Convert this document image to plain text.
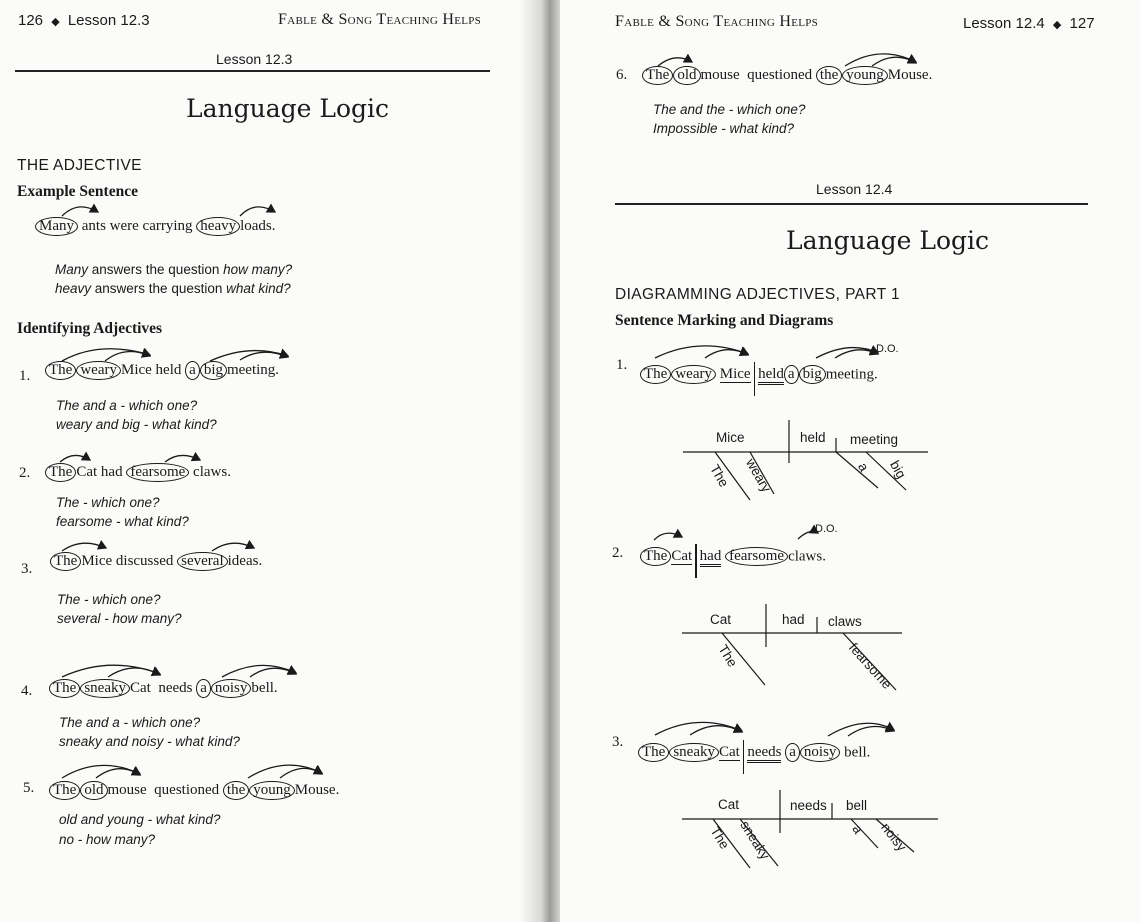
126 ◆ Lesson 12.3	Fable & Song Teaching Helps
Lesson 12.3
Language Logic
THE ADJECTIVE
Example Sentence
Many ants were carrying heavy loads.
Many answers the question how many?
heavy answers the question what kind?
Identifying Adjectives
1. The weary Mice held a big meeting.
The and a - which one?
weary and big - what kind?
2. The Cat had fearsome claws.
The - which one?
fearsome - what kind?
3. The Mice discussed several ideas.
The - which one?
several - how many?
4. The sneaky Cat  needs a noisy bell.
The and a - which one?
sneaky and noisy - what kind?
5. The old mouse  questioned the young Mouse.
old and young - what kind?
no - how many?
Fable & Song Teaching Helps	Lesson 12.4 ◆ 127
6. The old mouse  questioned the young Mouse.
The and the - which one?
Impossible - what kind?
Lesson 12.4
Language Logic
DIAGRAMMING ADJECTIVES, PART 1
Sentence Marking and Diagrams
1.
D.O.
The weary Mice held a big meeting.
Mice	held meeting
The weary	a big
2.
D.O.
The Cat had fearsome claws.
Cat	had claws
The	fearsome
3.
The sneaky Cat needs a noisy bell.
Cat	needs bell
The sneaky	a noisy
